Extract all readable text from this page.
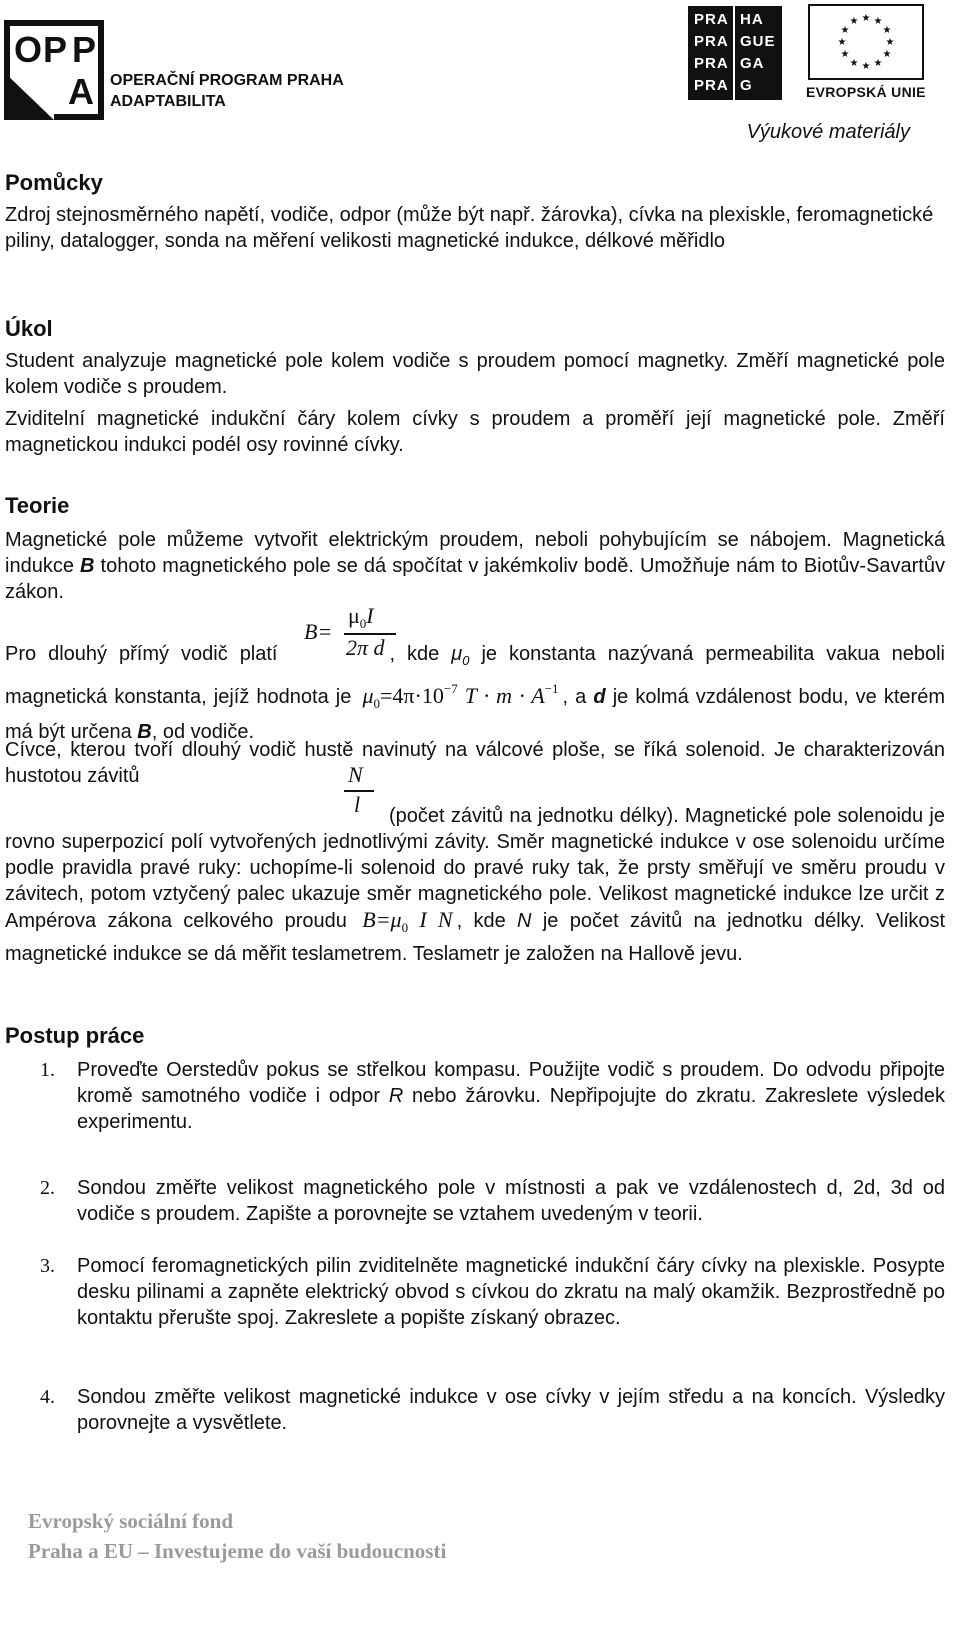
O P P
A OPERAČNÍ PROGRAM PRAHA
ADAPTABILITA
PRA HA
PRA GUE
PRA GA
PRA G
★ ★
★
★
★
★
★
★
★
★
★
★
EVROPSKÁ UNIE
Výukové materiály
Pomůcky

Zdroj stejnosměrného napětí, vodiče, odpor (může být např. žárovka), cívka na plexiskle, feromagnetické piliny, datalogger, sonda na měření velikosti magnetické indukce, délkové měřidlo

Úkol

Student analyzuje magnetické pole kolem vodiče s proudem pomocí magnetky. Změří magnetické pole kolem vodiče s proudem.

Zviditelní magnetické indukční čáry kolem cívky s proudem a proměří její magnetické pole. Změří magnetickou indukci podél osy rovinné cívky.

Teorie

Magnetické pole můžeme vytvořit elektrickým proudem, neboli pohybujícím se nábojem. Magnetická indukce B tohoto magnetického pole se dá spočítat v jakémkoliv bodě. Umožňuje nám to Biotův-Savartův zákon.

B=
$\mu_0I$
2π d

Pro dlouhý přímý vodič platí	, kde $\mu_0$ je konstanta nazývaná permeabilita vakua neboli magnetická konstanta, jejíž hodnota je $\mu_0=4\pi\cdot 10^{-7}$ $T \cdot m \cdot A^{-1}$ , a d je kolmá vzdálenost bodu, ve kterém má být určena B, od vodiče.

N
l

Cívce, kterou tvoří dlouhý vodič hustě navinutý na válcové ploše, se říká solenoid. Je charakterizován hustotou závitů

(počet závitů na jednotku délky). Magnetické pole solenoidu je rovno superpozicí polí vytvořených jednotlivými závity. Směr magnetické indukce v ose solenoidu určíme podle pravidla pravé ruky: uchopíme-li solenoid do pravé ruky tak, že prsty směřují ve směru proudu v závitech, potom vztyčený palec ukazuje směr magnetického pole. Velikost magnetické indukce lze určit z Ampérova zákona celkového proudu $B=\mu_0$ I N , kde N je počet závitů na jednotku délky. Velikost magnetické indukce se dá měřit teslametrem. Teslametr je založen na Hallově jevu.

Postup práce
1.	Proveďte Oerstedův pokus se střelkou kompasu. Použijte vodič s proudem. Do odvodu připojte kromě samotného vodiče i odpor R nebo žárovku. Nepřipojujte do zkratu. Zakreslete výsledek experimentu.
2.	Sondou změřte velikost magnetického pole v místnosti a pak ve vzdálenostech d, 2d, 3d od vodiče s proudem. Zapište a porovnejte se vztahem uvedeným v teorii.
3.	Pomocí feromagnetických pilin zviditelněte magnetické indukční čáry cívky na plexiskle. Posypte desku pilinami a zapněte elektrický obvod s cívkou do zkratu na malý okamžik. Bezprostředně po kontaktu přerušte spoj. Zakreslete a popište získaný obrazec.
4.	Sondou změřte velikost magnetické indukce v ose cívky v jejím středu a na koncích. Výsledky porovnejte a vysvětlete.
Evropský sociální fond
Praha a EU – Investujeme do vaší budoucnosti
